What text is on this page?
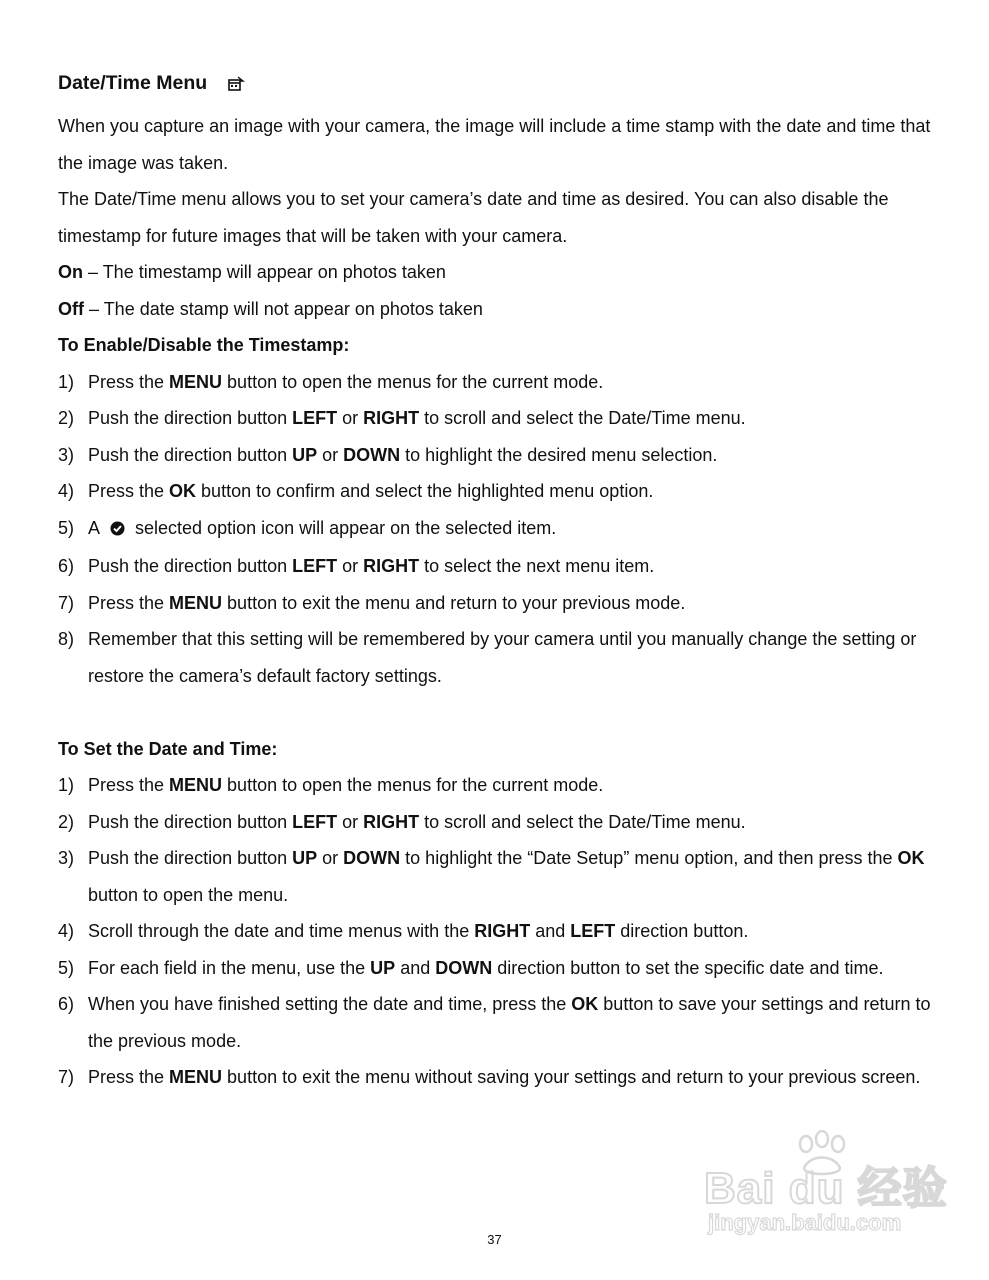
Date/Time Menu

When you capture an image with your camera, the image will include a time stamp with the date and time that the image was taken.

The Date/Time menu allows you to set your camera’s date and time as desired. You can also disable the timestamp for future images that will be taken with your camera.

On – The timestamp will appear on photos taken

Off – The date stamp will not appear on photos taken

To Enable/Disable the Timestamp:

1) Press the MENU button to open the menus for the current mode.
2) Push the direction button LEFT or RIGHT to scroll and select the Date/Time menu.
3) Push the direction button UP or DOWN to highlight the desired menu selection.
4) Press the OK button to confirm and select the highlighted menu option.
5) A selected option icon will appear on the selected item.
6) Push the direction button LEFT or RIGHT to select the next menu item.
7) Press the MENU button to exit the menu and return to your previous mode.
8) Remember that this setting will be remembered by your camera until you manually change the setting or restore the camera’s default factory settings.

To Set the Date and Time:

1) Press the MENU button to open the menus for the current mode.
2) Push the direction button LEFT or RIGHT to scroll and select the Date/Time menu.
3) Push the direction button UP or DOWN to highlight the “Date Setup” menu option, and then press the OK button to open the menu.
4) Scroll through the date and time menus with the RIGHT and LEFT direction button.
5) For each field in the menu, use the UP and DOWN direction button to set the specific date and time.
6) When you have finished setting the date and time, press the OK button to save your settings and return to the previous mode.
7) Press the MENU button to exit the menu without saving your settings and return to your previous screen.
Bai du 经验
jingyan.baidu.com
37
